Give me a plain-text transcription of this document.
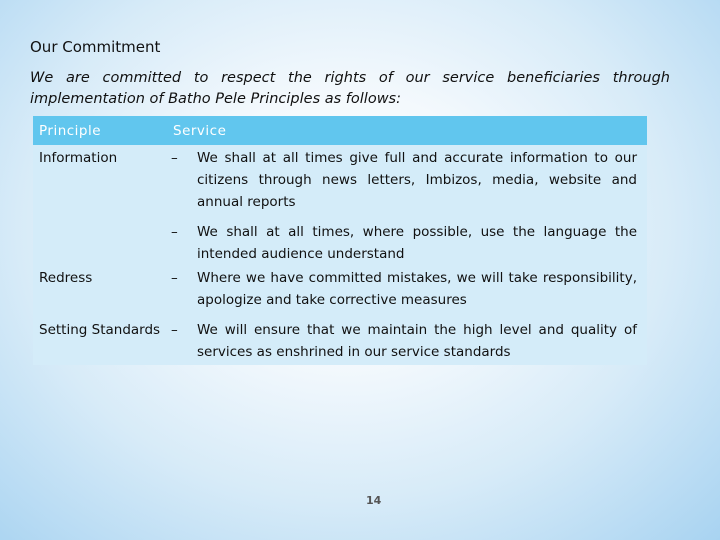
Our Commitment
We are committed to respect the rights of our service beneficiaries through implementation of Batho Pele Principles as follows:
Principle	Service	
Information	–	We shall at all times give full and accurate information to our citizens through news letters, Imbizos, media, website and annual reports
	–	We shall at all times, where possible, use the language the intended audience understand
Redress	–	Where we have committed mistakes, we will take responsibility, apologize and take corrective measures
Setting Standards	–	We will ensure that we maintain the high level and quality of services as enshrined in our service standards
14
